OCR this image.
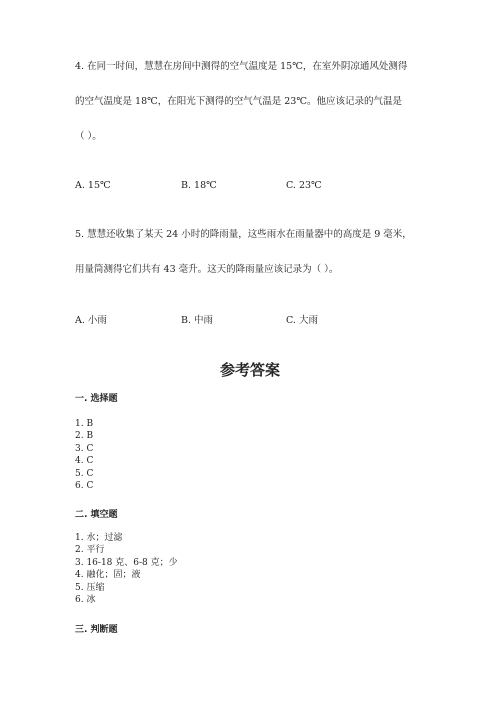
4. 在同一时间，慧慧在房间中测得的空气温度是 15℃，在室外阴凉通风处测得
的空气温度是 18℃，在阳光下测得的空气气温是 23℃。他应该记录的气温是
（ ）。
A. 15℃	B. 18℃	C. 23℃
5. 慧慧还收集了某天 24 小时的降雨量，这些雨水在雨量器中的高度是 9 毫米，
用量筒测得它们共有 43 毫升。这天的降雨量应该记录为（ ）。
A. 小雨	B. 中雨	C. 大雨
参考答案
一. 选择题
1. B
2. B
3. C
4. C
5. C
6. C
二. 填空题
1. 水；过滤
2. 平行
3. 16-18 克、6-8 克；少
4. 融化；固；液
5. 压缩
6. 冰
三. 判断题
